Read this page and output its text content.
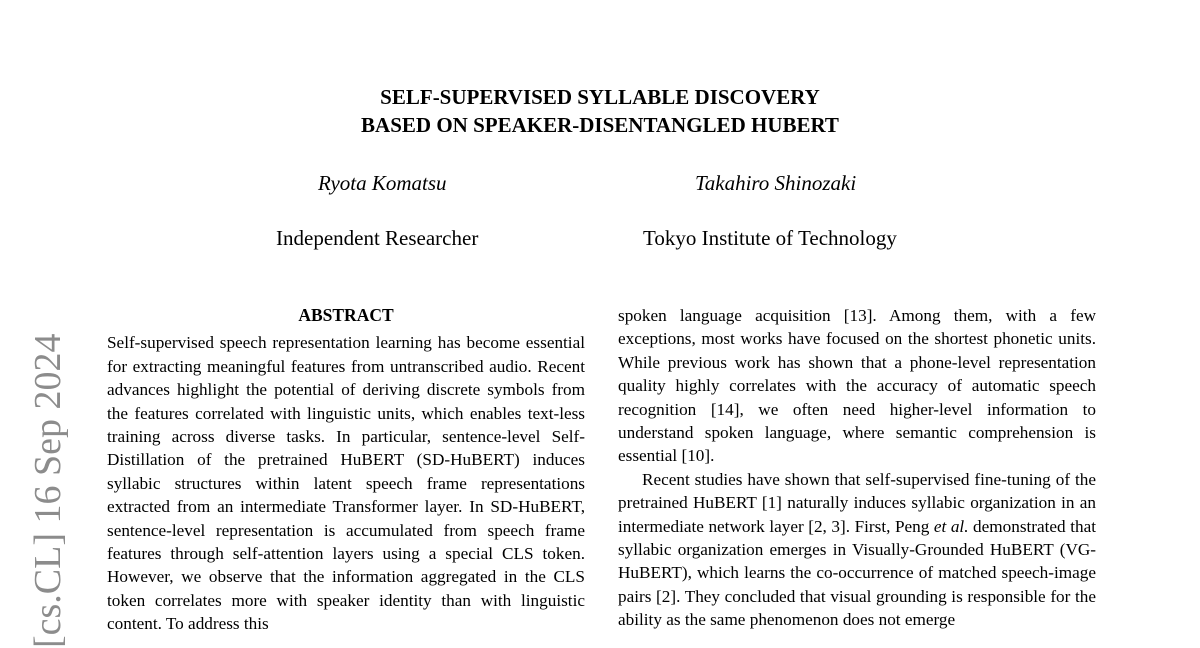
[cs.CL] 16 Sep 2024
SELF-SUPERVISED SYLLABLE DISCOVERY
BASED ON SPEAKER-DISENTANGLED HUBERT
Ryota Komatsu	Takahiro Shinozaki
Independent Researcher	Tokyo Institute of Technology
ABSTRACT

Self-supervised speech representation learning has become essential for extracting meaningful features from untranscribed audio. Recent advances highlight the potential of deriving discrete symbols from the features correlated with linguistic units, which enables text-less training across diverse tasks. In particular, sentence-level Self-Distillation of the pretrained HuBERT (SD-HuBERT) induces syllabic structures within latent speech frame representations extracted from an intermediate Transformer layer. In SD-HuBERT, sentence-level representation is accumulated from speech frame features through self-attention layers using a special CLS token. However, we observe that the information aggregated in the CLS token correlates more with speaker identity than with linguistic content. To address this

spoken language acquisition [13]. Among them, with a few exceptions, most works have focused on the shortest phonetic units. While previous work has shown that a phone-level representation quality highly correlates with the accuracy of automatic speech recognition [14], we often need higher-level information to understand spoken language, where semantic comprehension is essential [10].

Recent studies have shown that self-supervised fine-tuning of the pretrained HuBERT [1] naturally induces syllabic organization in an intermediate network layer [2, 3]. First, Peng et al. demonstrated that syllabic organization emerges in Visually-Grounded HuBERT (VG-HuBERT), which learns the co-occurrence of matched speech-image pairs [2]. They concluded that visual grounding is responsible for the ability as the same phenomenon does not emerge
